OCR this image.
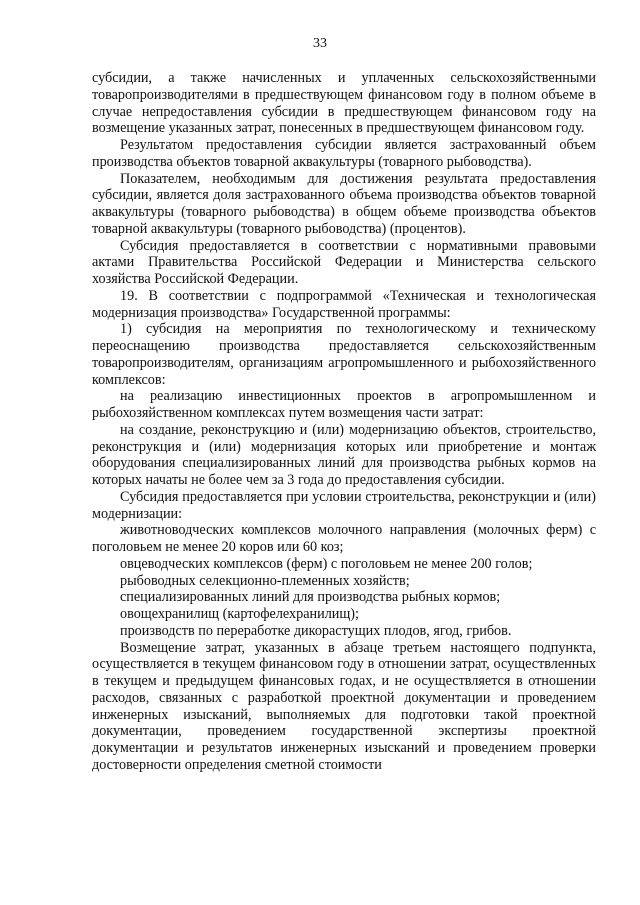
33

субсидии, а также начисленных и уплаченных сельскохозяйственными товаропроизводителями в предшествующем финансовом году в полном объеме в случае непредоставления субсидии в предшествующем финансовом году на возмещение указанных затрат, понесенных в предшествующем финансовом году.

Результатом предоставления субсидии является застрахованный объем производства объектов товарной аквакультуры (товарного рыбоводства).

Показателем, необходимым для достижения результата предоставления субсидии, является доля застрахованного объема производства объектов товарной аквакультуры (товарного рыбоводства) в общем объеме производства объектов товарной аквакультуры (товарного рыбоводства) (процентов).

Субсидия предоставляется в соответствии с нормативными правовыми актами Правительства Российской Федерации и Министерства сельского хозяйства Российской Федерации.

19. В соответствии с подпрограммой «Техническая и технологическая модернизация производства» Государственной программы:

1) субсидия на мероприятия по технологическому и техническому переоснащению производства предоставляется сельскохозяйственным товаропроизводителям, организациям агропромышленного и рыбохозяйственного комплексов:

на реализацию инвестиционных проектов в агропромышленном и рыбохозяйственном комплексах путем возмещения части затрат:

на создание, реконструкцию и (или) модернизацию объектов, строительство, реконструкция и (или) модернизация которых или приобретение и монтаж оборудования специализированных линий для производства рыбных кормов на которых начаты не более чем за 3 года до предоставления субсидии.

Субсидия предоставляется при условии строительства, реконструкции и (или) модернизации:

животноводческих комплексов молочного направления (молочных ферм) с поголовьем не менее 20 коров или 60 коз;

овцеводческих комплексов (ферм) с поголовьем не менее 200 голов;

рыбоводных селекционно-племенных хозяйств;

специализированных линий для производства рыбных кормов;

овощехранилищ (картофелехранилищ);

производств по переработке дикорастущих плодов, ягод, грибов.

Возмещение затрат, указанных в абзаце третьем настоящего подпункта, осуществляется в текущем финансовом году в отношении затрат, осуществленных в текущем и предыдущем финансовых годах, и не осуществляется в отношении расходов, связанных с разработкой проектной документации и проведением инженерных изысканий, выполняемых для подготовки такой проектной документации, проведением государственной экспертизы проектной документации и результатов инженерных изысканий и проведением проверки достоверности определения сметной стоимости
